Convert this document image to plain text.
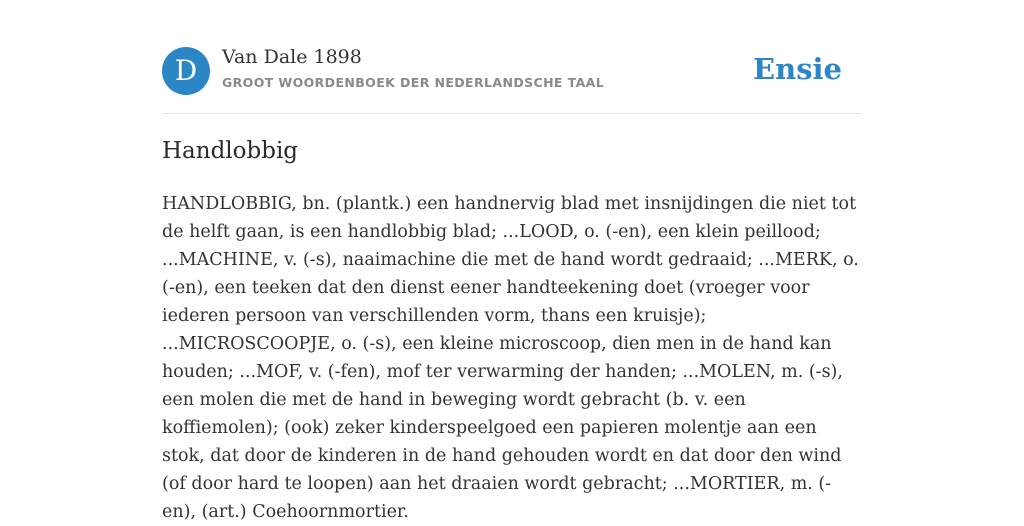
D	Van Dale 1898
GROOT WOORDENBOEK DER NEDERLANDSCHE TAAL	Ensie
Handlobbig

HANDLOBBIG, bn. (plantk.) een handnervig blad met insnijdingen die niet tot de helft gaan, is een handlobbig blad; ...LOOD, o. (-en), een klein peillood; ...MACHINE, v. (-s), naaimachine die met de hand wordt gedraaid; ...MERK, o. (-en), een teeken dat den dienst eener handteekening doet (vroeger voor iederen persoon van verschillenden vorm, thans een kruisje); ...MICROSCOOPJE, o. (-s), een kleine microscoop, dien men in de hand kan houden; ...MOF, v. (-fen), mof ter verwarming der handen; ...MOLEN, m. (-s), een molen die met de hand in beweging wordt gebracht (b. v. een koffiemolen); (ook) zeker kinderspeelgoed een papieren molentje aan een stok, dat door de kinderen in de hand gehouden wordt en dat door den wind (of door hard te loopen) aan het draaien wordt gebracht; ...MORTIER, m. (-en), (art.) Coehoornmortier.
